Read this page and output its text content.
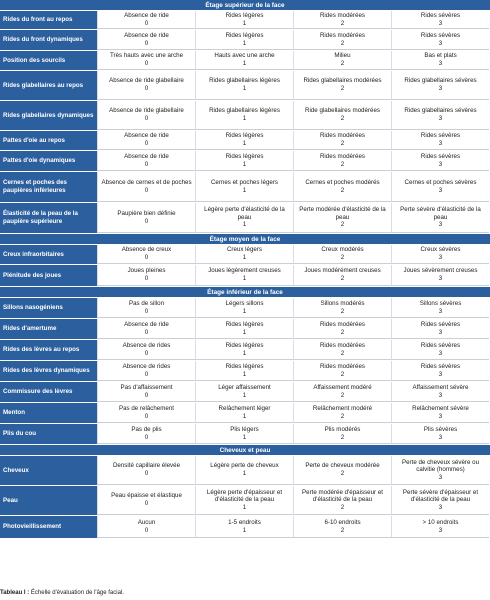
Étage supérieur de la face
Rides du front au repos
Absence de ride
0
Rides légères
1
Rides modérées
2
Rides sévères
3
Rides du front dynamiques
Absence de ride
0
Rides légères
1
Rides modérées
2
Rides sévères
3
Position des sourcils
Très hauts avec une arche
0
Hauts avec une arche
1
Milieu
2
Bas et plats
3
Rides glabellaires au repos
Absence de ride glabellaire
0
Rides glabellaires légères
1
Rides glabellaires modérées
2
Rides glabellaires sévères
3
Rides glabellaires dynamiques
Absence de ride glabellaire
0
Rides glabellaires légères
1
Ride glabellaires modérées
2
Rides glabellaires sévères
3
Pattes d'oie au repos
Absence de ride
0
Rides légères
1
Rides modérées
2
Rides sévères
3
Pattes d'oie dynamiques
Absence de ride
0
Rides légères
1
Rides modérées
2
Rides sévères
3
Cernes et poches des paupières inférieures
Absence de cernes et de poches
0
Cernes et poches légers
1
Cernes et poches modérés
2
Cernes et poches sévères
3
Élasticité de la peau de la paupière supérieure
Paupière bien définie
0
Légère perte d'élasticité de la peau
1
Perte modérée d'élasticité de la peau
2
Perte sévère d'élasticité de la peau
3
Étage moyen de la face
Creux infraorbitaires
Absence de creux
0
Creux légers
1
Creux modérés
2
Creux sévères
3
Plénitude des joues
Joues pleines
0
Joues légèrement creuses
1
Joues modérément creuses
2
Joues sévèrement creuses
3
Étage inférieur de la face
Sillons nasogéniens
Pas de sillon
0
Légers sillons
1
Sillons modérés
2
Sillons sévères
3
Rides d'amertume
Absence de ride
0
Rides légères
1
Rides modérées
2
Rides sévères
3
Rides des lèvres au repos
Absence de rides
0
Rides légères
1
Rides modérées
2
Rides sévères
3
Rides des lèvres dynamiques
Absence de rides
0
Rides légères
1
Rides modérées
2
Rides sévères
3
Commissure des lèvres
Pas d'affaissement
0
Léger affaissement
1
Affaissement modéré
2
Affaissement sévère
3
Menton
Pas de relâchement
0
Relâchement léger
1
Relâchement modéré
2
Relâchement sévère
3
Plis du cou
Pas de plis
0
Plis légers
1
Plis modérés
2
Plis sévères
3
Cheveux et peau
Cheveux
Densité capillaire élevée
0
Légère perte de cheveux
1
Perte de cheveux modérée
2
Perte de cheveux sévère ou calvitie (hommes)
3
Peau
Peau épaisse et élastique
0
Légère perte d'épaisseur et d'élasticité de la peau
1
Perte modérée d'épaisseur et d'élasticité de la peau
2
Perte sévère d'épaisseur et d'élasticité de la peau
3
Photovieillissement
Aucun
0
1-5 endroits
1
6-10 endroits
2
> 10 endroits
3
Tableau I : Échelle d'évaluation de l'âge facial.
